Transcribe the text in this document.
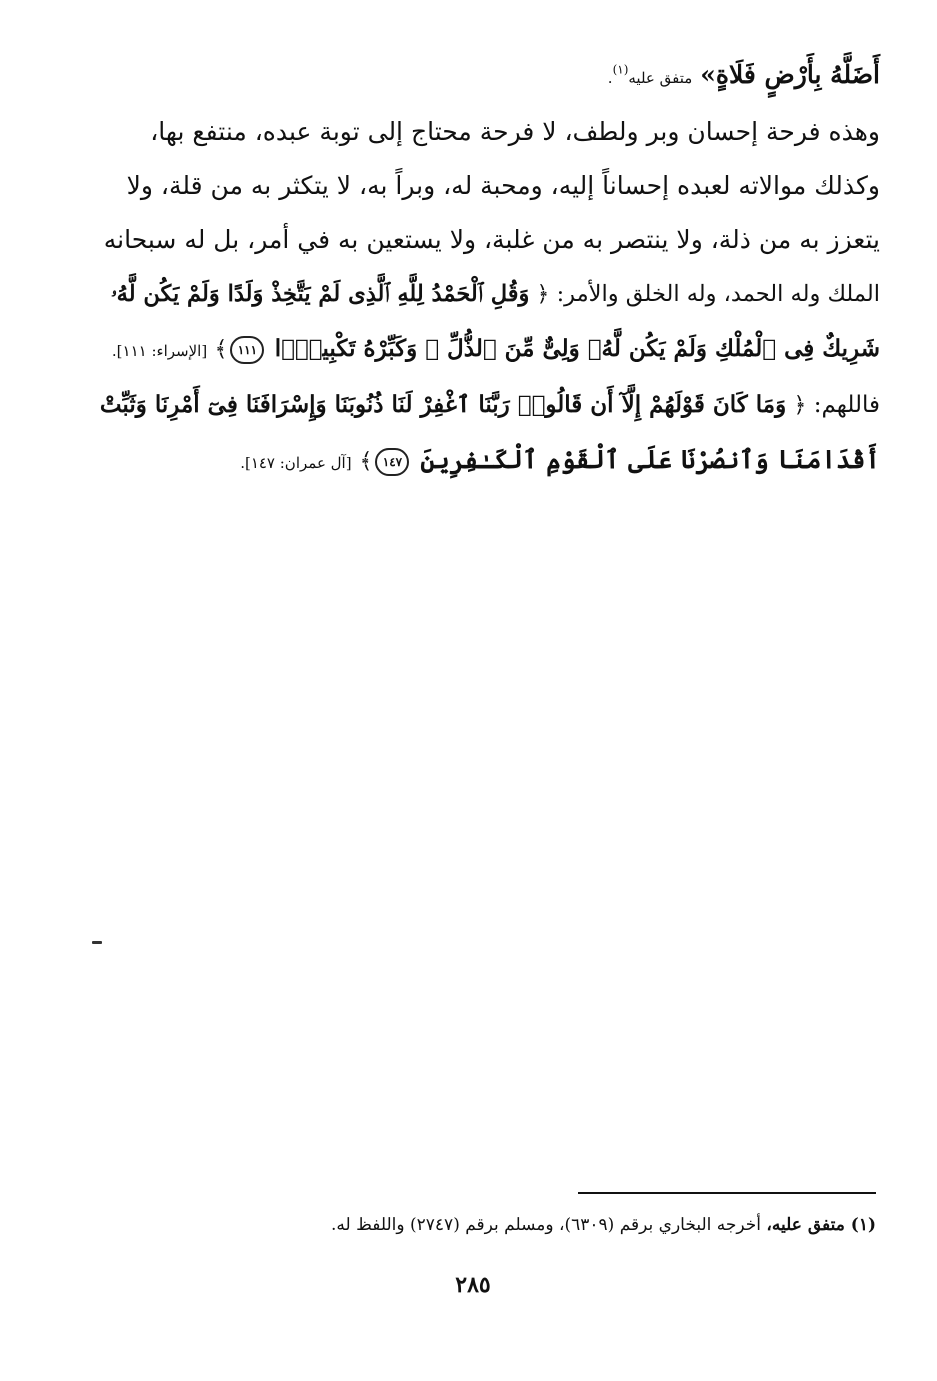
أَضَلَّهُ بِأَرْضٍ فَلَاةٍ» متفق عليه$^{(١)}$.
وهذه فرحة إحسان وبر ولطف، لا فرحة محتاج إلى توبة عبده، منتفع بها،
وكذلك موالاته لعبده إحساناً إليه، ومحبة له، وبراً به، لا يتكثر به من قلة، ولا
يتعزز به من ذلة، ولا ينتصر به من غلبة، ولا يستعين به في أمر، بل له سبحانه
الملك وله الحمد، وله الخلق والأمر: ﴿ وَقُلِ ٱلْحَمْدُ لِلَّهِ ٱلَّذِى لَمْ يَتَّخِذْ وَلَدًا وَلَمْ يَكُن لَّهُۥ
شَرِيكٌ فِى ٱلْمُلْكِ وَلَمْ يَكُن لَّهُۥ وَلِىٌّ مِّنَ ٱلذُّلِّ ۖ وَكَبِّرْهُ تَكْبِيرًۢا ١١١﴾ [الإسراء: ١١١].
فاللهم: ﴿ وَمَا كَانَ قَوْلَهُمْ إِلَّآ أَن قَالُوا۟ رَبَّنَا ٱغْفِرْ لَنَا ذُنُوبَنَا وَإِسْرَافَنَا فِىٓ أَمْرِنَا وَثَبِّتْ
أَقْدَامَنَا وَٱنصُرْنَا عَلَى ٱلْقَوْمِ ٱلْكَـٰفِرِينَ ١٤٧﴾ [آل عمران: ١٤٧].
(١) متفق عليه، أخرجه البخاري برقم (٦٣٠٩)، ومسلم برقم (٢٧٤٧) واللفظ له.
٢٨٥
